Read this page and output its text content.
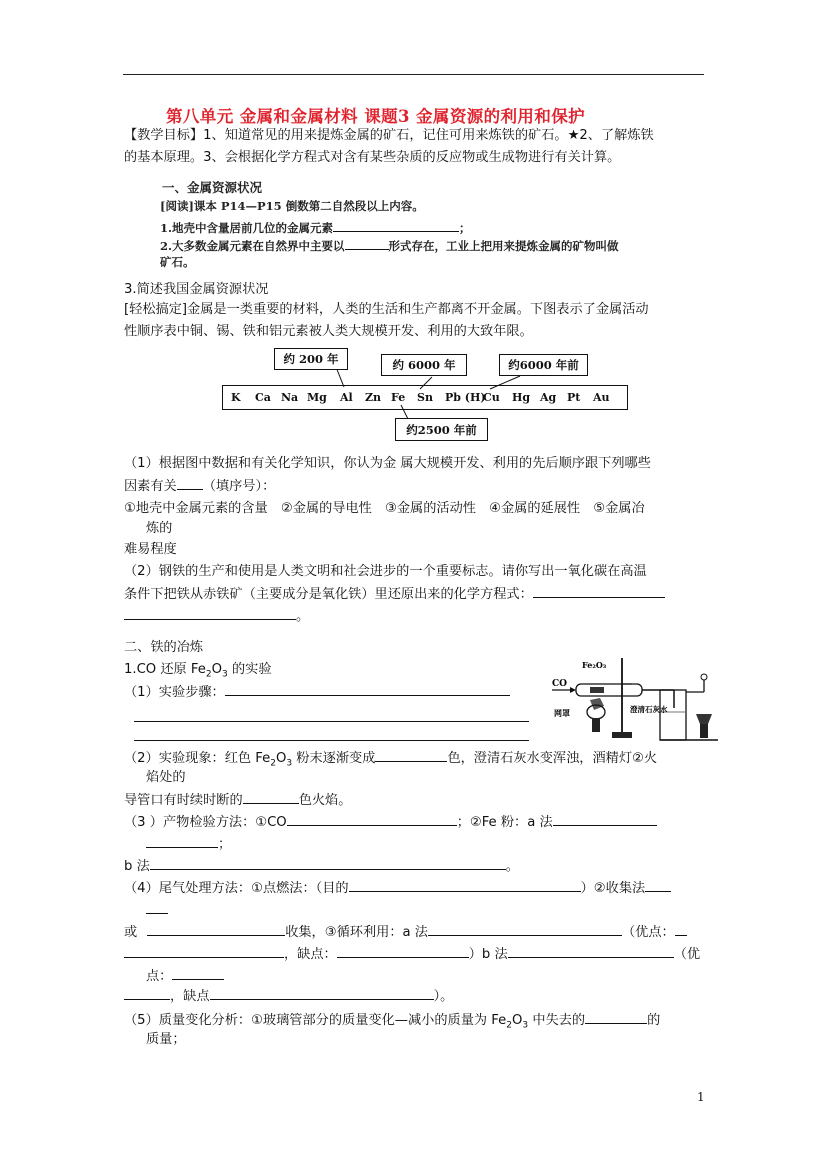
第八单元 金属和金属材料 课题3 金属资源的利用和保护
【教学目标】1、知道常见的用来提炼金属的矿石，记住可用来炼铁的矿石。★2、了解炼铁
的基本原理。3、会根据化学方程式对含有某些杂质的反应物或生成物进行有关计算。
一、金属资源状况
[阅读]课本 P14—P15 倒数第二自然段以上内容。
1.地壳中含量居前几位的金属元素	；
2.大多数金属元素在自然界中主要以	形式存在，工业上把用来提炼金属的矿物叫做
矿石。
3.简述我国金属资源状况
[轻松搞定]金属是一类重要的材料，人类的生活和生产都离不开金属。下图表示了金属活动
性顺序表中铜、锡、铁和铝元素被人类大规模开发、利用的大致年限。
约 200 年	约 6000 年	约6000 年前
K Ca Na Mg Al Zn Fe Sn Pb (H)
Cu Hg Ag Pt Au
约2500 年前
（1）根据图中数据和有关化学知识，你认为金 属大规模开发、利用的先后顺序跟下列哪些
因素有关 （填序号）：
①地壳中金属元素的含量　②金属的导电性　③金属的活动性　④金属的延展性　⑤金属冶
炼的
难易程度
（2）钢铁的生产和使用是人类文明和社会进步的一个重要标志。请你写出一氧化碳在高温
条件下把铁从赤铁矿（主要成分是氧化铁）里还原出来的化学方程式：
。
二、铁的冶炼
1.CO 还原 $Fe_2O_3$ 的实验
（1）实验步骤：
Fe₂O₃
CO
网罩	澄清石灰水
（2）实验现象：红色 $Fe_2O_3$ 粉末逐渐变成	色，澄清石灰水变浑浊，酒精灯②火
焰处的
导管口有时续时断的	色火焰。
（3 ）产物检验方法：①CO	；②Fe 粉：a 法
；
b 法	。
（4）尾气处理方法：①点燃法：（目的	）②收集法
或	收集，③循环利用：a 法	（优点：
，缺点：	）b 法	（优
点：
，缺点	）。
（5）质量变化分析：①玻璃管部分的质量变化—减小的质量为 $Fe_2O_3$ 中失去的	的
质量；
1
